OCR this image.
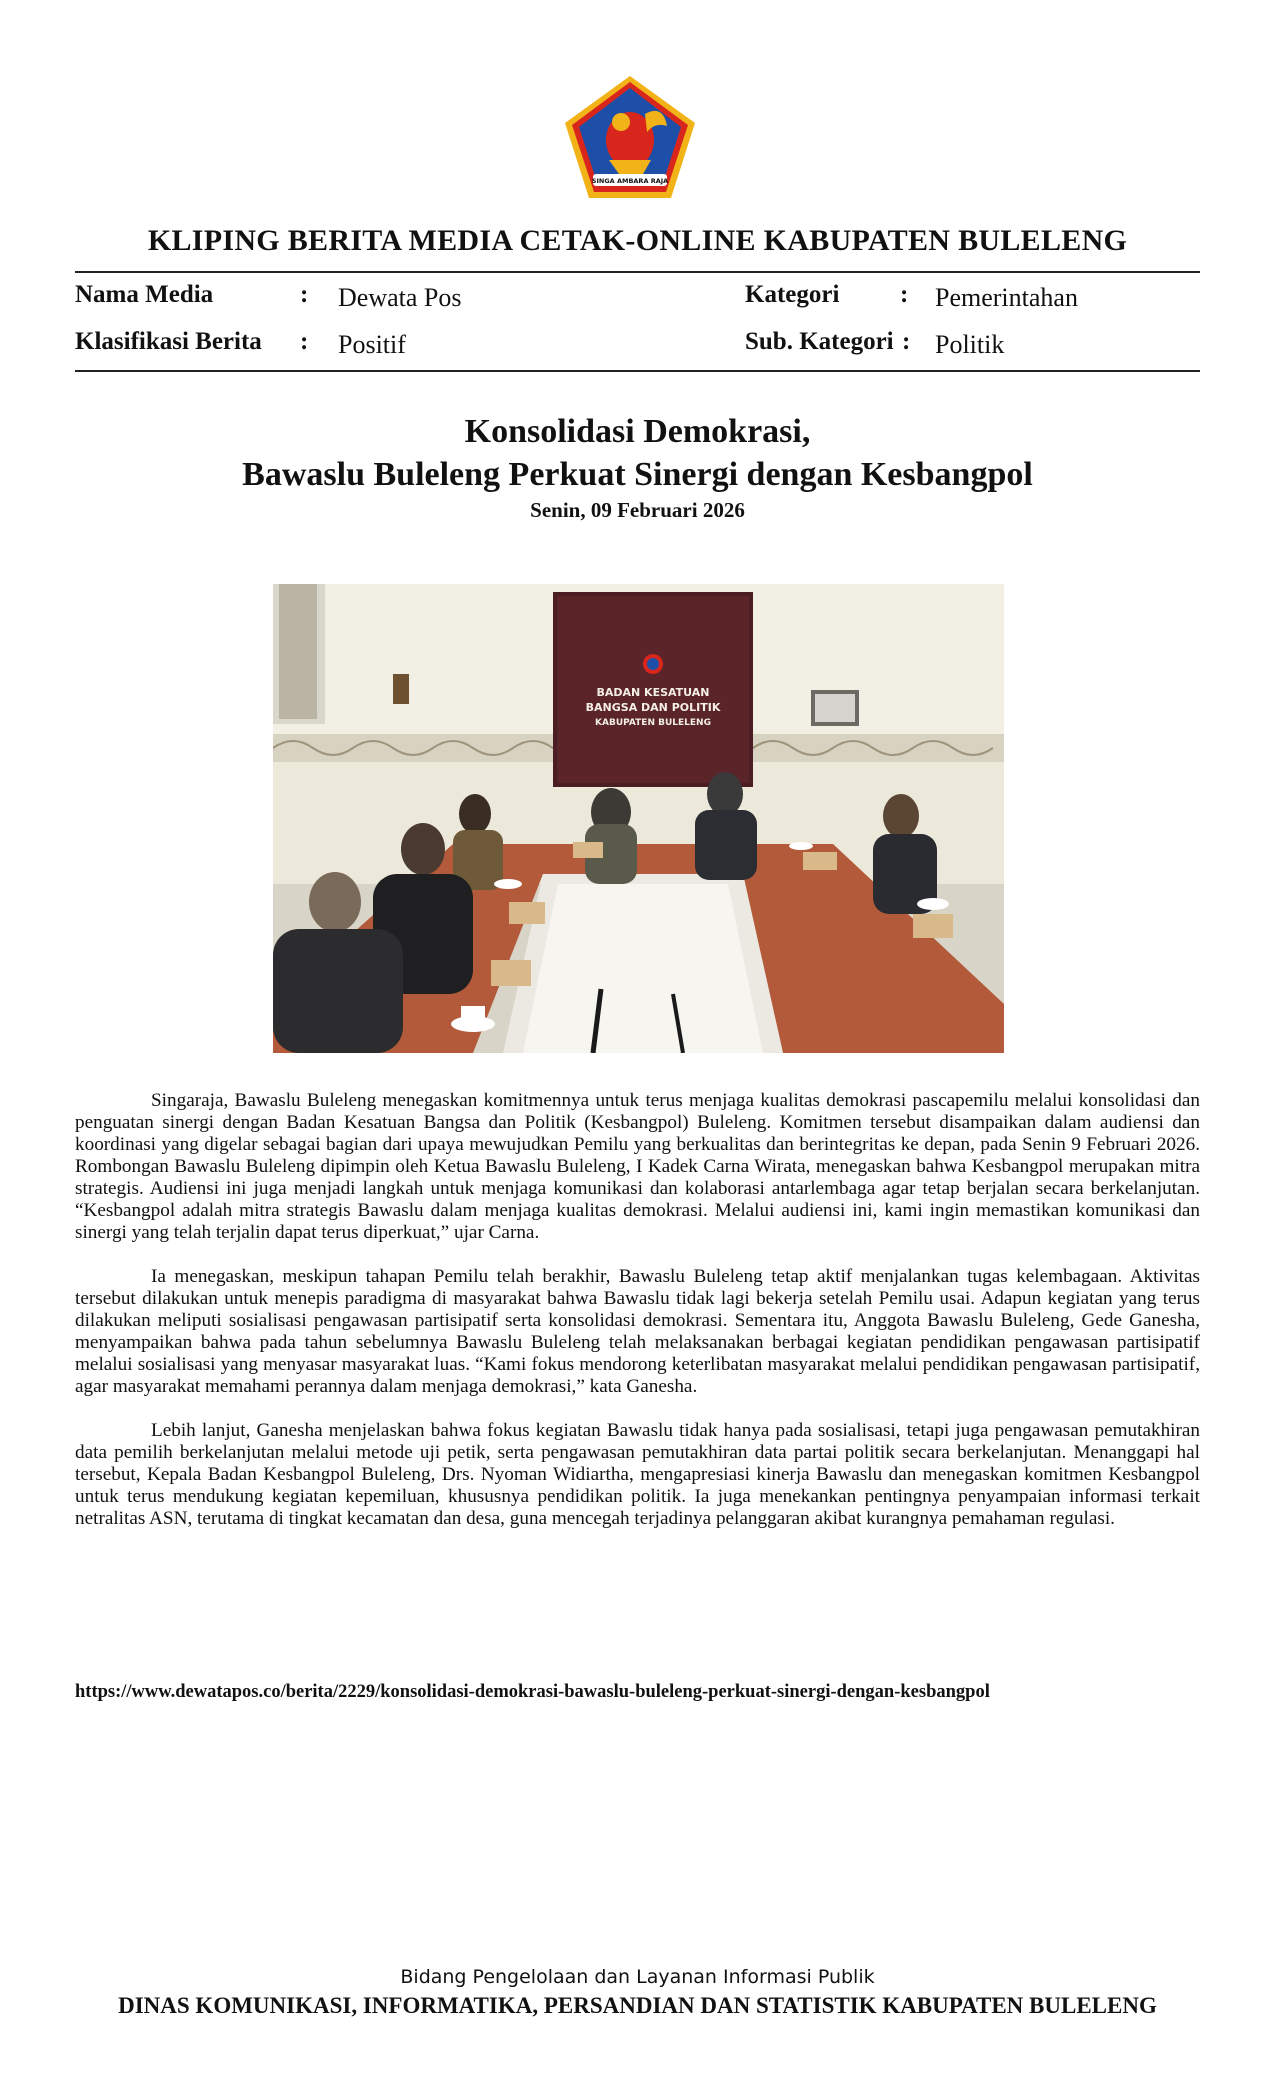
SINGA AMBARA RAJA
KLIPING BERITA MEDIA CETAK-ONLINE KABUPATEN BULELENG
Nama Media	: Dewata Pos
Klasifikasi Berita : Positif
Kategori : Pemerintahan
Sub. Kategori : Politik
Konsolidasi Demokrasi,
Bawaslu Buleleng Perkuat Sinergi dengan Kesbangpol
Senin, 09 Februari 2026
BADAN KESATUAN
BANGSA DAN POLITIK
KABUPATEN BULELENG

Singaraja, Bawaslu Buleleng menegaskan komitmennya untuk terus menjaga kualitas demokrasi pascapemilu melalui konsolidasi dan penguatan sinergi dengan Badan Kesatuan Bangsa dan Politik (Kesbangpol) Buleleng. Komitmen tersebut disampaikan dalam audiensi dan koordinasi yang digelar sebagai bagian dari upaya mewujudkan Pemilu yang berkualitas dan berintegritas ke depan, pada Senin 9 Februari 2026. Rombongan Bawaslu Buleleng dipimpin oleh Ketua Bawaslu Buleleng, I Kadek Carna Wirata, menegaskan bahwa Kesbangpol merupakan mitra strategis. Audiensi ini juga menjadi langkah untuk menjaga komunikasi dan kolaborasi antarlembaga agar tetap berjalan secara berkelanjutan. “Kesbangpol adalah mitra strategis Bawaslu dalam menjaga kualitas demokrasi. Melalui audiensi ini, kami ingin memastikan komunikasi dan sinergi yang telah terjalin dapat terus diperkuat,” ujar Carna.

Ia menegaskan, meskipun tahapan Pemilu telah berakhir, Bawaslu Buleleng tetap aktif menjalankan tugas kelembagaan. Aktivitas tersebut dilakukan untuk menepis paradigma di masyarakat bahwa Bawaslu tidak lagi bekerja setelah Pemilu usai. Adapun kegiatan yang terus dilakukan meliputi sosialisasi pengawasan partisipatif serta konsolidasi demokrasi. Sementara itu, Anggota Bawaslu Buleleng, Gede Ganesha, menyampaikan bahwa pada tahun sebelumnya Bawaslu Buleleng telah melaksanakan berbagai kegiatan pendidikan pengawasan partisipatif melalui sosialisasi yang menyasar masyarakat luas. “Kami fokus mendorong keterlibatan masyarakat melalui pendidikan pengawasan partisipatif, agar masyarakat memahami perannya dalam menjaga demokrasi,” kata Ganesha.

Lebih lanjut, Ganesha menjelaskan bahwa fokus kegiatan Bawaslu tidak hanya pada sosialisasi, tetapi juga pengawasan pemutakhiran data pemilih berkelanjutan melalui metode uji petik, serta pengawasan pemutakhiran data partai politik secara berkelanjutan. Menanggapi hal tersebut, Kepala Badan Kesbangpol Buleleng, Drs. Nyoman Widiartha, mengapresiasi kinerja Bawaslu dan menegaskan komitmen Kesbangpol untuk terus mendukung kegiatan kepemiluan, khususnya pendidikan politik. Ia juga menekankan pentingnya penyampaian informasi terkait netralitas ASN, terutama di tingkat kecamatan dan desa, guna mencegah terjadinya pelanggaran akibat kurangnya pemahaman regulasi.

https://www.dewatapos.co/berita/2229/konsolidasi-demokrasi-bawaslu-buleleng-perkuat-sinergi-dengan-kesbangpol
Bidang Pengelolaan dan Layanan Informasi Publik
DINAS KOMUNIKASI, INFORMATIKA, PERSANDIAN DAN STATISTIK KABUPATEN BULELENG
